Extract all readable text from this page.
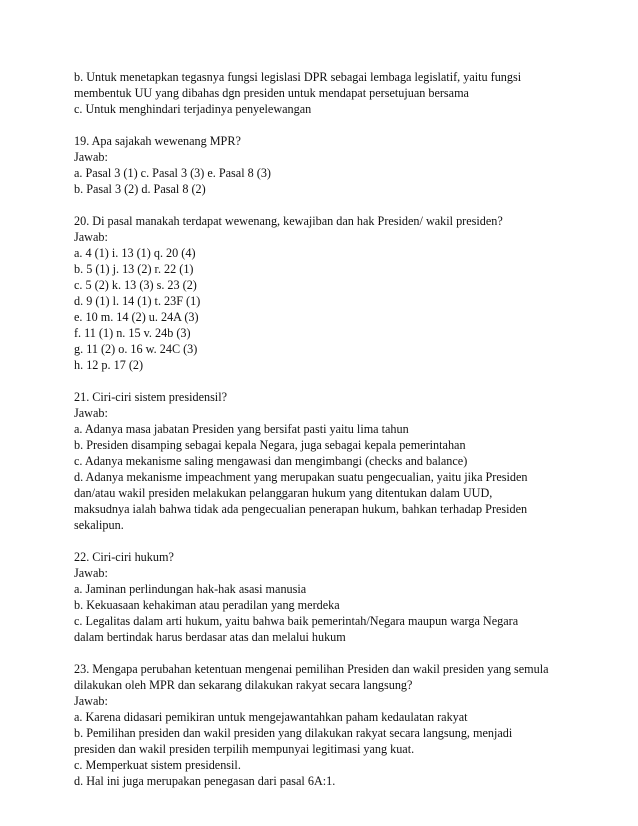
b. Untuk menetapkan tegasnya fungsi legislasi DPR sebagai lembaga legislatif, yaitu fungsi
membentuk UU yang dibahas dgn presiden untuk mendapat persetujuan bersama
c. Untuk menghindari terjadinya penyelewangan
19. Apa sajakah wewenang MPR?
Jawab:
a. Pasal 3 (1) c. Pasal 3 (3) e. Pasal 8 (3)
b. Pasal 3 (2) d. Pasal 8 (2)
20. Di pasal manakah terdapat wewenang, kewajiban dan hak Presiden/ wakil presiden?
Jawab:
a. 4 (1) i. 13 (1) q. 20 (4)
b. 5 (1) j. 13 (2) r. 22 (1)
c. 5 (2) k. 13 (3) s. 23 (2)
d. 9 (1) l. 14 (1) t. 23F (1)
e. 10 m. 14 (2) u. 24A (3)
f. 11 (1) n. 15 v. 24b (3)
g. 11 (2) o. 16 w. 24C (3)
h. 12 p. 17 (2)
21. Ciri-ciri sistem presidensil?
Jawab:
a. Adanya masa jabatan Presiden yang bersifat pasti yaitu lima tahun
b. Presiden disamping sebagai kepala Negara, juga sebagai kepala pemerintahan
c. Adanya mekanisme saling mengawasi dan mengimbangi (checks and balance)
d. Adanya mekanisme impeachment yang merupakan suatu pengecualian, yaitu jika Presiden
dan/atau wakil presiden melakukan pelanggaran hukum yang ditentukan dalam UUD,
maksudnya ialah bahwa tidak ada pengecualian penerapan hukum, bahkan terhadap Presiden
sekalipun.
22. Ciri-ciri hukum?
Jawab:
a. Jaminan perlindungan hak-hak asasi manusia
b. Kekuasaan kehakiman atau peradilan yang merdeka
c. Legalitas dalam arti hukum, yaitu bahwa baik pemerintah/Negara maupun warga Negara
dalam bertindak harus berdasar atas dan melalui hukum
23. Mengapa perubahan ketentuan mengenai pemilihan Presiden dan wakil presiden yang semula
dilakukan oleh MPR dan sekarang dilakukan rakyat secara langsung?
Jawab:
a. Karena didasari pemikiran untuk mengejawantahkan paham kedaulatan rakyat
b. Pemilihan presiden dan wakil presiden yang dilakukan rakyat secara langsung, menjadi
presiden dan wakil presiden terpilih mempunyai legitimasi yang kuat.
c. Memperkuat sistem presidensil.
d. Hal ini juga merupakan penegasan dari pasal 6A:1.
